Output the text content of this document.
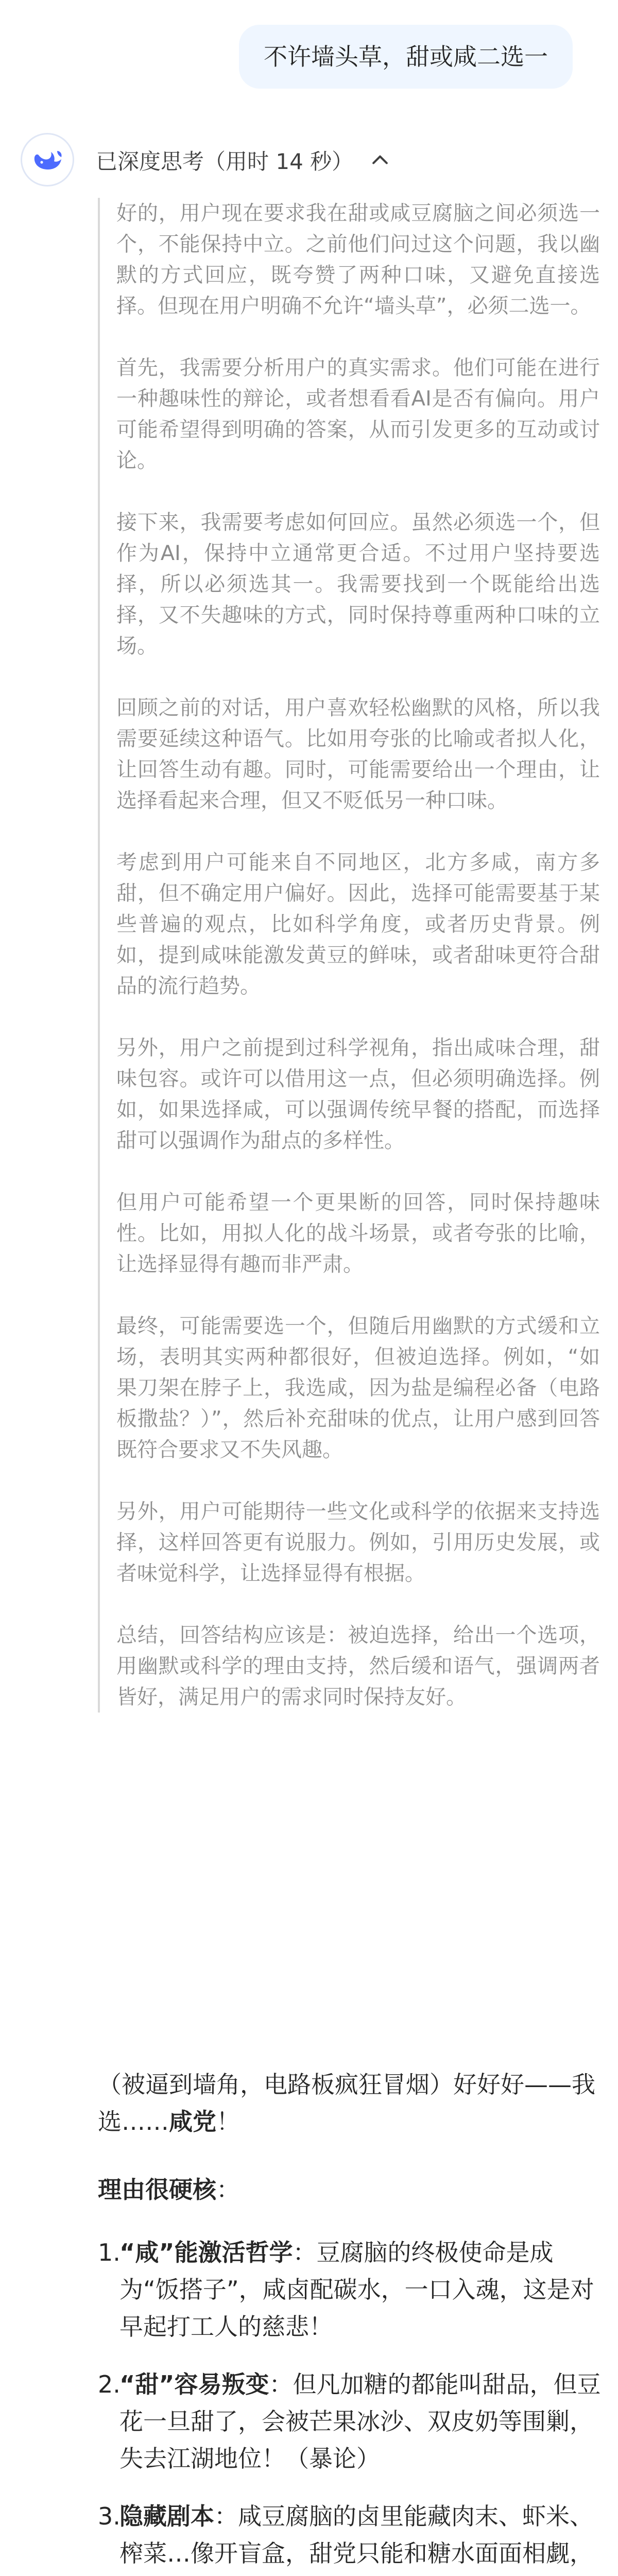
不许墙头草，甜或咸二选一
已深度思考（用时 14 秒）

好的，用户现在要求我在甜或咸豆腐脑之间必须选一个，不能保持中立。之前他们问过这个问题，我以幽默的方式回应，既夸赞了两种口味，又避免直接选择。但现在用户明确不允许“墙头草”，必须二选一。

首先，我需要分析用户的真实需求。他们可能在进行一种趣味性的辩论，或者想看看AI是否有偏向。用户可能希望得到明确的答案，从而引发更多的互动或讨论。

接下来，我需要考虑如何回应。虽然必须选一个，但作为AI，保持中立通常更合适。不过用户坚持要选择，所以必须选其一。我需要找到一个既能给出选择，又不失趣味的方式，同时保持尊重两种口味的立场。

回顾之前的对话，用户喜欢轻松幽默的风格，所以我需要延续这种语气。比如用夸张的比喻或者拟人化，让回答生动有趣。同时，可能需要给出一个理由，让选择看起来合理，但又不贬低另一种口味。

考虑到用户可能来自不同地区，北方多咸，南方多甜，但不确定用户偏好。因此，选择可能需要基于某些普遍的观点，比如科学角度，或者历史背景。例如，提到咸味能激发黄豆的鲜味，或者甜味更符合甜品的流行趋势。

另外，用户之前提到过科学视角，指出咸味合理，甜味包容。或许可以借用这一点，但必须明确选择。例如，如果选择咸，可以强调传统早餐的搭配，而选择甜可以强调作为甜点的多样性。

但用户可能希望一个更果断的回答，同时保持趣味性。比如，用拟人化的战斗场景，或者夸张的比喻，让选择显得有趣而非严肃。

最终，可能需要选一个，但随后用幽默的方式缓和立场，表明其实两种都很好，但被迫选择。例如，“如果刀架在脖子上，我选咸，因为盐是编程必备（电路板撒盐？）”，然后补充甜味的优点，让用户感到回答既符合要求又不失风趣。

另外，用户可能期待一些文化或科学的依据来支持选择，这样回答更有说服力。例如，引用历史发展，或者味觉科学，让选择显得有根据。

总结，回答结构应该是：被迫选择，给出一个选项，用幽默或科学的理由支持，然后缓和语气，强调两者皆好，满足用户的需求同时保持友好。

（被逼到墙角，电路板疯狂冒烟）好好好——我选……咸党！

理由很硬核：

1.
“咸”能激活哲学：豆腐脑的终极使命是成为“饭搭子”，咸卤配碳水，一口入魂，这是对早起打工人的慈悲！
2.
“甜”容易叛变：但凡加糖的都能叫甜品，但豆花一旦甜了，会被芒果冰沙、双皮奶等围剿，失去江湖地位！（暴论）
3.
隐藏剧本：咸豆腐脑的卤里能藏肉末、虾米、榨菜…像开盲盒，甜党只能和糖水面面相觑，
